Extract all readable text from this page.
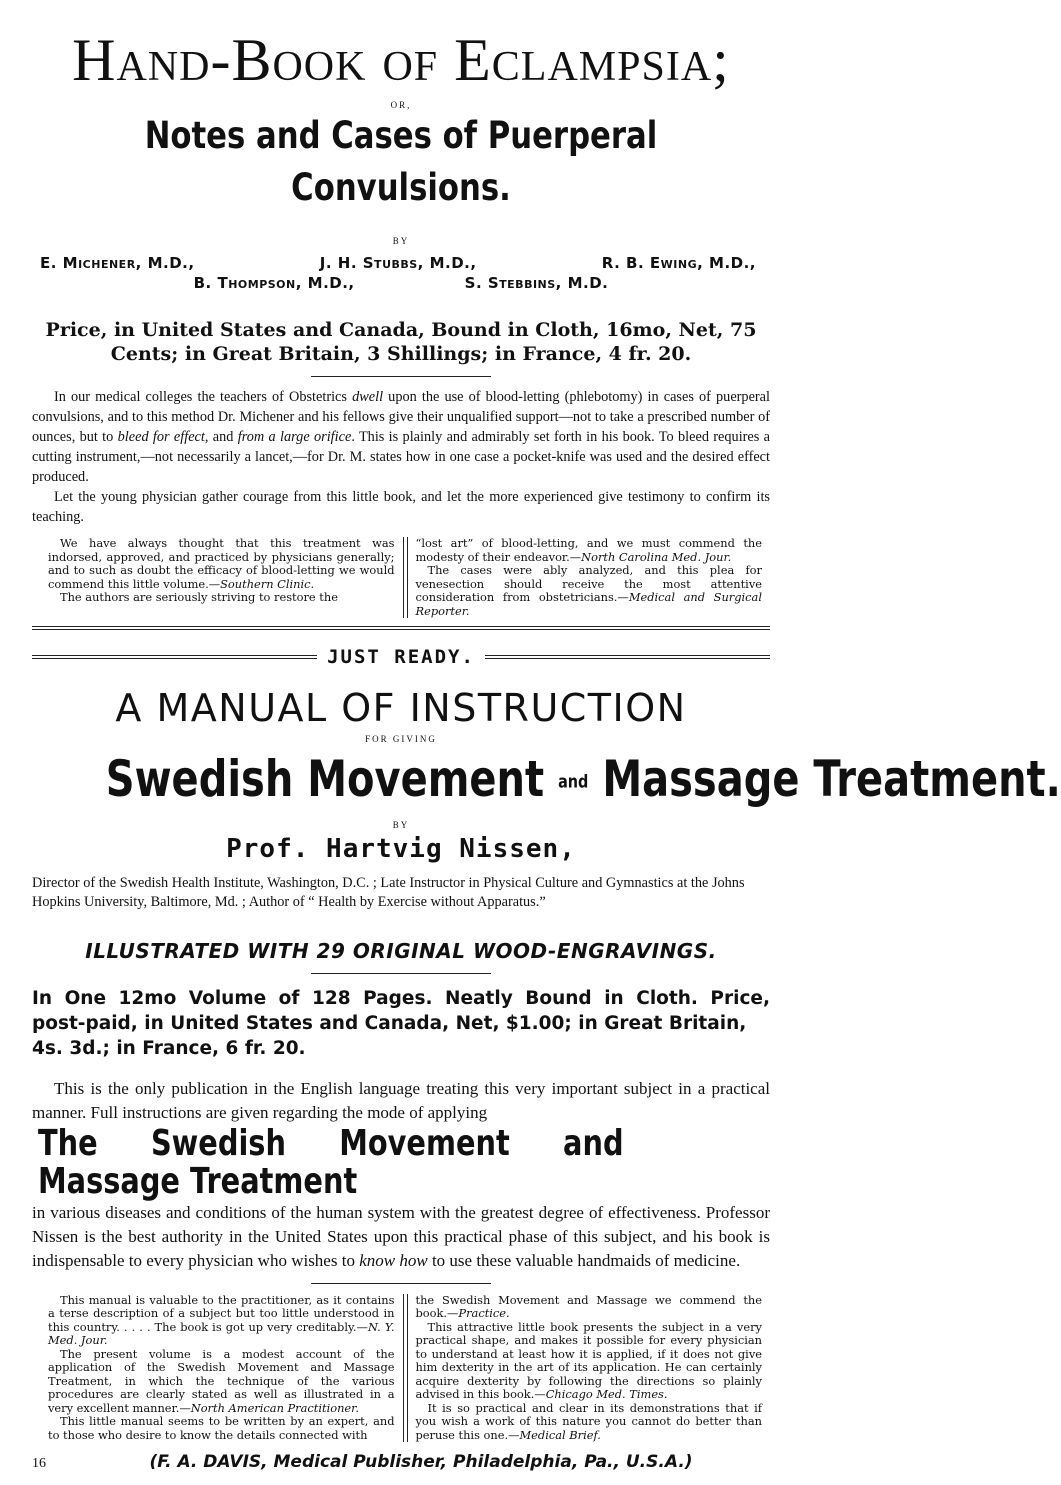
Hand-Book of Eclampsia;
OR,
Notes and Cases of Puerperal Convulsions.
BY
E. Michener, M.D.,	J. H. Stubbs, M.D.,	R. B. Ewing, M.D.,
B. Thompson, M.D.,	S. Stebbins, M.D.
Price, in United States and Canada, Bound in Cloth, 16mo, Net, 75 Cents; in Great Britain, 3 Shillings; in France, 4 fr. 20.

In our medical colleges the teachers of Obstetrics dwell upon the use of blood-letting (phlebotomy) in cases of puerperal convulsions, and to this method Dr. Michener and his fellows give their unqualified support—not to take a prescribed number of ounces, but to bleed for effect, and from a large orifice. This is plainly and admirably set forth in his book. To bleed requires a cutting instrument,—not necessarily a lancet,—for Dr. M. states how in one case a pocket-knife was used and the desired effect produced.

Let the young physician gather courage from this little book, and let the more experienced give testimony to confirm its teaching.

We have always thought that this treatment was indorsed, approved, and practiced by physicians generally; and to such as doubt the efficacy of blood-letting we would commend this little volume.—Southern Clinic.

The authors are seriously striving to restore the

“lost art” of blood-letting, and we must commend the modesty of their endeavor.—North Carolina Med. Jour.

The cases were ably analyzed, and this plea for venesection should receive the most attentive consideration from obstetricians.—Medical and Surgical Reporter.

JUST READY.
A MANUAL OF INSTRUCTION
FOR GIVING
Swedish Movement and Massage Treatment.
BY
Prof. Hartvig Nissen,
Director of the Swedish Health Institute, Washington, D.C. ; Late Instructor in Physical Culture and Gymnastics at the Johns Hopkins University, Baltimore, Md. ; Author of “ Health by Exercise without Apparatus.”
ILLUSTRATED WITH 29 ORIGINAL WOOD-ENGRAVINGS.
In One 12mo Volume of 128 Pages. Neatly Bound in Cloth. Price,
post-paid, in United States and Canada, Net, $1.00; in Great Britain, 4s. 3d.; in France, 6 fr. 20.
This is the only publication in the English language treating this very important subject in a practical manner. Full instructions are given regarding the mode of applying
The Swedish Movement and Massage Treatment
in various diseases and conditions of the human system with the greatest degree of effectiveness. Professor Nissen is the best authority in the United States upon this practical phase of this subject, and his book is indispensable to every physician who wishes to know how to use these valuable handmaids of medicine.

This manual is valuable to the practitioner, as it contains a terse description of a subject but too little understood in this country. . . . . The book is got up very creditably.—N. Y. Med. Jour.

The present volume is a modest account of the application of the Swedish Movement and Massage Treatment, in which the technique of the various procedures are clearly stated as well as illustrated in a very excellent manner.—North American Practitioner.

This little manual seems to be written by an expert, and to those who desire to know the details connected with

the Swedish Movement and Massage we commend the book.—Practice.

This attractive little book presents the subject in a very practical shape, and makes it possible for every physician to understand at least how it is applied, if it does not give him dexterity in the art of its application. He can certainly acquire dexterity by following the directions so plainly advised in this book.—Chicago Med. Times.

It is so practical and clear in its demonstrations that if you wish a work of this nature you cannot do better than peruse this one.—Medical Brief.

16	(F. A. DAVIS, Medical Publisher, Philadelphia, Pa., U.S.A.)
